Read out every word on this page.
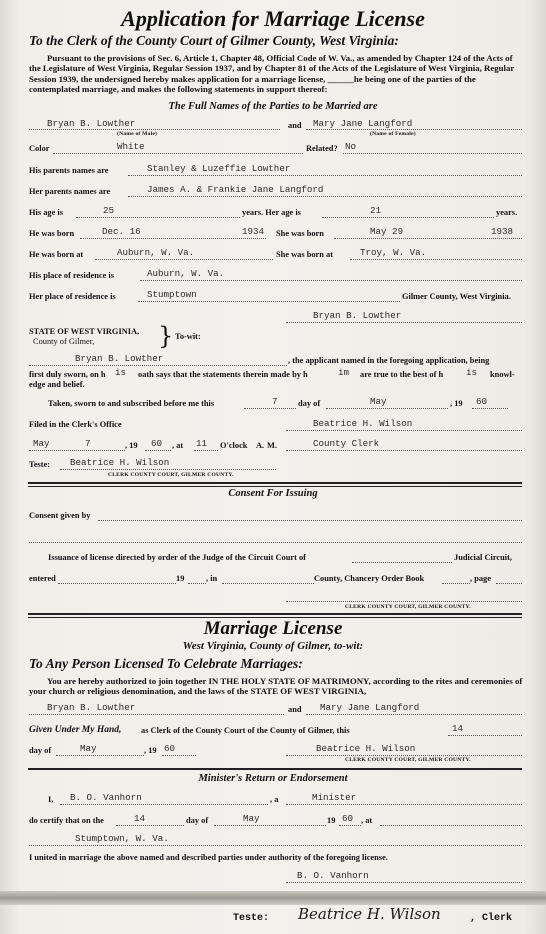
Application for Marriage License
To the Clerk of the County Court of Gilmer County, West Virginia:
Pursuant to the provisions of Sec. 6, Article 1, Chapter 48, Official Code of W. Va., as amended by Chapter 124 of the Acts of the Legislature of West Virginia, Regular Session 1937, and by Chapter 81 of the Acts of the Legislature of West Virginia, Regular Session 1939, the undersigned hereby makes application for a marriage license, ______he being one of the parties of the contemplated marriage, and makes the following statements in support thereof:
The Full Names of the Parties to be Married are
Bryan B. Lowther
(Name of Male)
and Mary Jane Langford
(Name of Female)
Color	White	Related? No
His parents names are	Stanley & Luzeffie Lowther
Her parents names are	James A. & Frankie Jane Langford
His age is	25	years. Her age is	21	years.
He was born	Dec. 16	1934 She was born	May 29	1938
He was born at	Auburn, W. Va.	She was born at	Troy, W. Va.
His place of residence is	Auburn, W. Va.
Her place of residence is	Stumptown	Gilmer County, West Virginia.
Bryan B. Lowther
STATE OF WEST VIRGINIA,
County of Gilmer,	} To-wit:
Bryan B. Lowther	, the applicant named in the foregoing application, being
first duly sworn, on h is oath says that the statements therein made by h	im are true to the best of h is knowl-
edge and belief.
Taken, sworn to and subscribed before me this	7 day of	May	, 19 60
Filed in the Clerk's Office	Beatrice H. Wilson
May	7	, 19 60 , at 11 O'clock A. M.	County Clerk
Teste: Beatrice H. Wilson
CLERK COUNTY COURT, GILMER COUNTY.
Consent For Issuing
Consent given by
Issuance of license directed by order of the Judge of the Circuit Court of	Judicial Circuit,
entered	19	, in	County, Chancery Order Book	, page
CLERK COUNTY COURT, GILMER COUNTY.
Marriage License
West Virginia, County of Gilmer, to-wit:
To Any Person Licensed To Celebrate Marriages:
You are hereby authorized to join together IN THE HOLY STATE OF MATRIMONY, according to the rites and ceremonies of your church or religious denomination, and the laws of the STATE OF WEST VIRGINIA,
Bryan B. Lowther	and Mary Jane Langford
Given Under My Hand, as Clerk of the County Court of the County of Gilmer, this	14
day of	May	, 19 60	Beatrice H. Wilson
CLERK COUNTY COURT, GILMER COUNTY.
Minister's Return or Endorsement
I, B. O. Vanhorn	, a	Minister
do certify that on the	14	day of	May	19 60 , at
Stumptown, W. Va.
I united in marriage the above named and described parties under authority of the foregoing license.
B. O. Vanhorn
Teste: Beatrice H. Wilson	, Clerk
